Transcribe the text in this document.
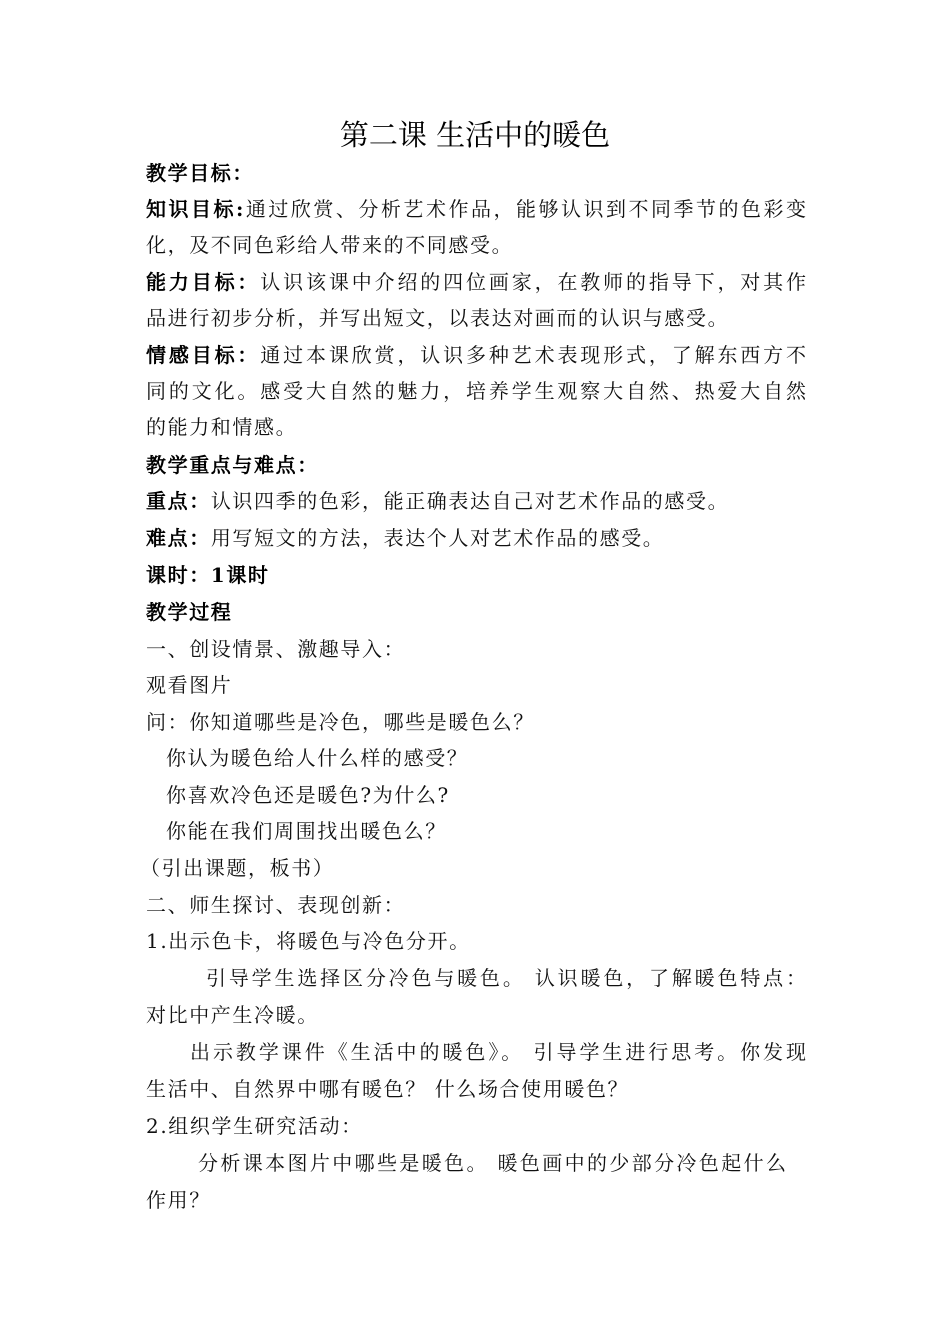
第二课 生活中的暖色
教学目标：
知识目标:通过欣赏、分析艺术作品，能够认识到不同季节的色彩变
化，及不同色彩给人带来的不同感受。
能力目标：认识该课中介绍的四位画家，在教师的指导下，对其作
品进行初步分析，并写出短文，以表达对画而的认识与感受。
情感目标：通过本课欣赏，认识多种艺术表现形式，了解东西方不
同的文化。感受大自然的魅力，培养学生观察大自然、热爱大自然
的能力和情感。
教学重点与难点：
重点：认识四季的色彩，能正确表达自己对艺术作品的感受。
难点：用写短文的方法，表达个人对艺术作品的感受。
课时：1课时
教学过程
一、创设情景、激趣导入：
观看图片
问：你知道哪些是冷色，哪些是暖色么？
你认为暖色给人什么样的感受？
你喜欢冷色还是暖色?为什么?
你能在我们周围找出暖色么？
（引出课题，板书）
二、师生探讨、表现创新：
1.出示色卡，将暖色与冷色分开。
引导学生选择区分冷色与暖色。 认识暖色，了解暖色特点：
对比中产生冷暖。
出示教学课件《生活中的暖色》。 引导学生进行思考。你发现
生活中、自然界中哪有暖色？ 什么场合使用暖色？
2.组织学生研究活动：
分析课本图片中哪些是暖色。 暖色画中的少部分冷色起什么
作用？
